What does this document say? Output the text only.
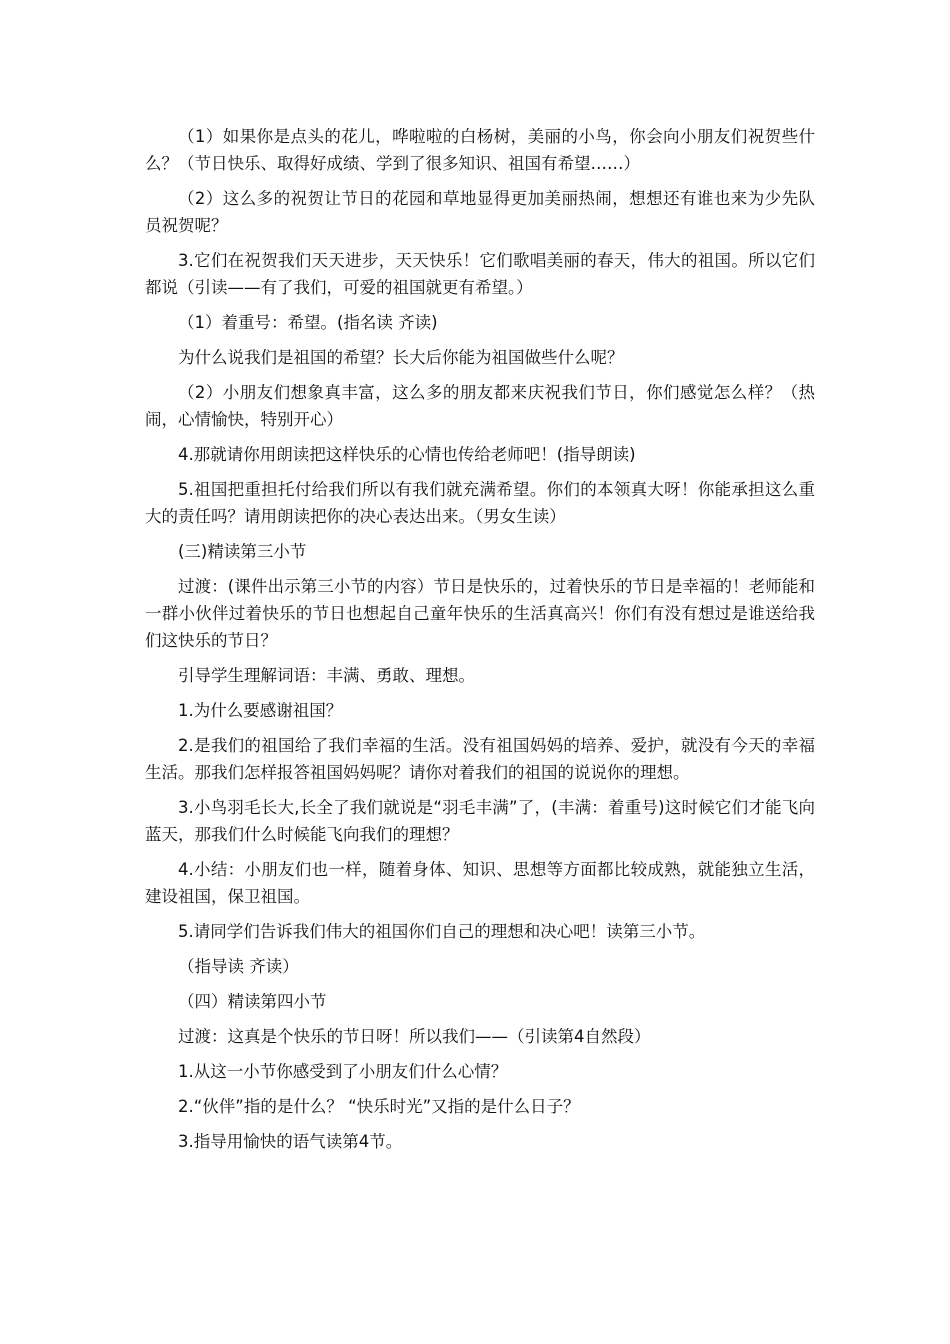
（1）如果你是点头的花儿，哗啦啦的白杨树，美丽的小鸟，你会向小朋友们祝贺些什么？（节日快乐、取得好成绩、学到了很多知识、祖国有希望……）

（2）这么多的祝贺让节日的花园和草地显得更加美丽热闹，想想还有谁也来为少先队员祝贺呢？

3.它们在祝贺我们天天进步，天天快乐！它们歌唱美丽的春天，伟大的祖国。所以它们都说（引读——有了我们，可爱的祖国就更有希望。）

（1）着重号：希望。(指名读 齐读)

为什么说我们是祖国的希望？长大后你能为祖国做些什么呢？

（2）小朋友们想象真丰富，这么多的朋友都来庆祝我们节日，你们感觉怎么样？（热闹，心情愉快，特别开心）

4.那就请你用朗读把这样快乐的心情也传给老师吧！(指导朗读)

5.祖国把重担托付给我们所以有我们就充满希望。你们的本领真大呀！你能承担这么重大的责任吗？请用朗读把你的决心表达出来。（男女生读）

(三)精读第三小节

过渡：(课件出示第三小节的内容）节日是快乐的，过着快乐的节日是幸福的！老师能和一群小伙伴过着快乐的节日也想起自己童年快乐的生活真高兴！你们有没有想过是谁送给我们这快乐的节日？

引导学生理解词语：丰满、勇敢、理想。

1.为什么要感谢祖国？

2.是我们的祖国给了我们幸福的生活。没有祖国妈妈的培养、爱护，就没有今天的幸福生活。那我们怎样报答祖国妈妈呢？请你对着我们的祖国的说说你的理想。

3.小鸟羽毛长大,长全了我们就说是“羽毛丰满”了，(丰满：着重号)这时候它们才能飞向蓝天，那我们什么时候能飞向我们的理想？

4.小结：小朋友们也一样，随着身体、知识、思想等方面都比较成熟，就能独立生活，建设祖国，保卫祖国。

5.请同学们告诉我们伟大的祖国你们自己的理想和决心吧！读第三小节。

（指导读 齐读）

（四）精读第四小节

过渡：这真是个快乐的节日呀！所以我们——（引读第4自然段）

1.从这一小节你感受到了小朋友们什么心情？

2.“伙伴”指的是什么？ “快乐时光”又指的是什么日子？

3.指导用愉快的语气读第4节。
